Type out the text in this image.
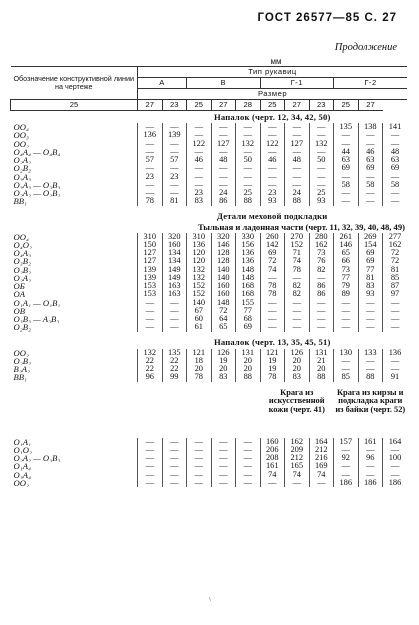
ГОСТ 26577—85 С. 27
Продолжение
мм
Обозначение конструктивной линии на чертеже	Тип рукавиц										
	А		В			Г-1			Г-2		
	Размер										
25	27	23	25	27	28	25	27	23	25	27	
	Напалок (черт. 12, 34, 42, 50)										
OO₄	—	—	—	—	—	—	—	—	135	138	141
OO₃	136	139	—	—	—	—	—	—	—	—	—
OO₂	—	—	122	127	132	122	127	132	—	—	—
O₄A₄ — O₄B₄	—	—	—	—	—	—	—	—	44	46	48
O₂A₂	57	57	46	48	50	46	48	50	63	63	63
O₂B₂	—	—	—	—	—	—	—	—	69	69	69
O₃A₃	23	23	—	—	—	—	—	—	—	—	—
O₃A₃ — O₃B₃	—	—	—	—	—	—	—	—	58	58	58
O₂A₂ — O₂B₂	—	—	23	24	25	23	24	25	—	—	—
BB₁	78	81	83	86	88	93	88	93	—	—	—

	Детали меховой подкладки										
Тыльная и ладонная части (черт. 11, 32, 39, 40, 48, 49)											
OO₄	310	320	310	320	330	260	270	280	261	269	277
O₄O₂	150	160	136	146	156	142	152	162	146	154	162
O₄A₃	127	134	120	128	136	69	71	73	65	69	72
O₃B₂	127	134	120	128	136	72	74	76	66	69	72
O₂B₂	139	149	132	140	148	74	78	82	73	77	81
O₂A₂	139	149	132	140	148	—	—	—	77	81	85
OБ	153	163	152	160	168	78	82	86	79	83	87
OA	153	163	152	160	168	78	82	86	89	93	97
O₁A₁ — O₁B₁	—	—	140	148	155	—	—	—	—	—	—
OB	—	—	67	72	77	—	—	—	—	—	—
O₃B₃ — A₃B₃	—	—	60	64	68	—	—	—	—	—	—
O₂B₂	—	—	61	65	69	—	—	—	—	—	—

	Напалок (черт. 13, 35, 45, 51)										
OO₂	132	135	121	126	131	121	126	131	130	133	136
O₂B₂	22	22	18	19	20	19	20	21	—	—	—
B₂A₂	22	22	20	20	20	19	20	20	—	—	—
BB₁	96	99	78	83	88	78	83	88	85	88	91

						Крага из искусственной кожи (черт. 41)			Крага из кирзы и подкладка краги из байки (черт. 52)		

O₁A₁	—	—	—	—	—	160	162	164	157	161	164
O₁O₂	—	—	—	—	—	206	209	212	—	—	—
O₂A₂ — O₃B₃	—	—	—	—	—	208	212	216	92	96	100
O₁A₄	—	—	—	—	—	161	165	169	—	—	—
O₃A₄	—	—	—	—	—	74	74	74	—	—	—
OO₂	—	—	—	—	—	—	—	—	186	186	186
\
